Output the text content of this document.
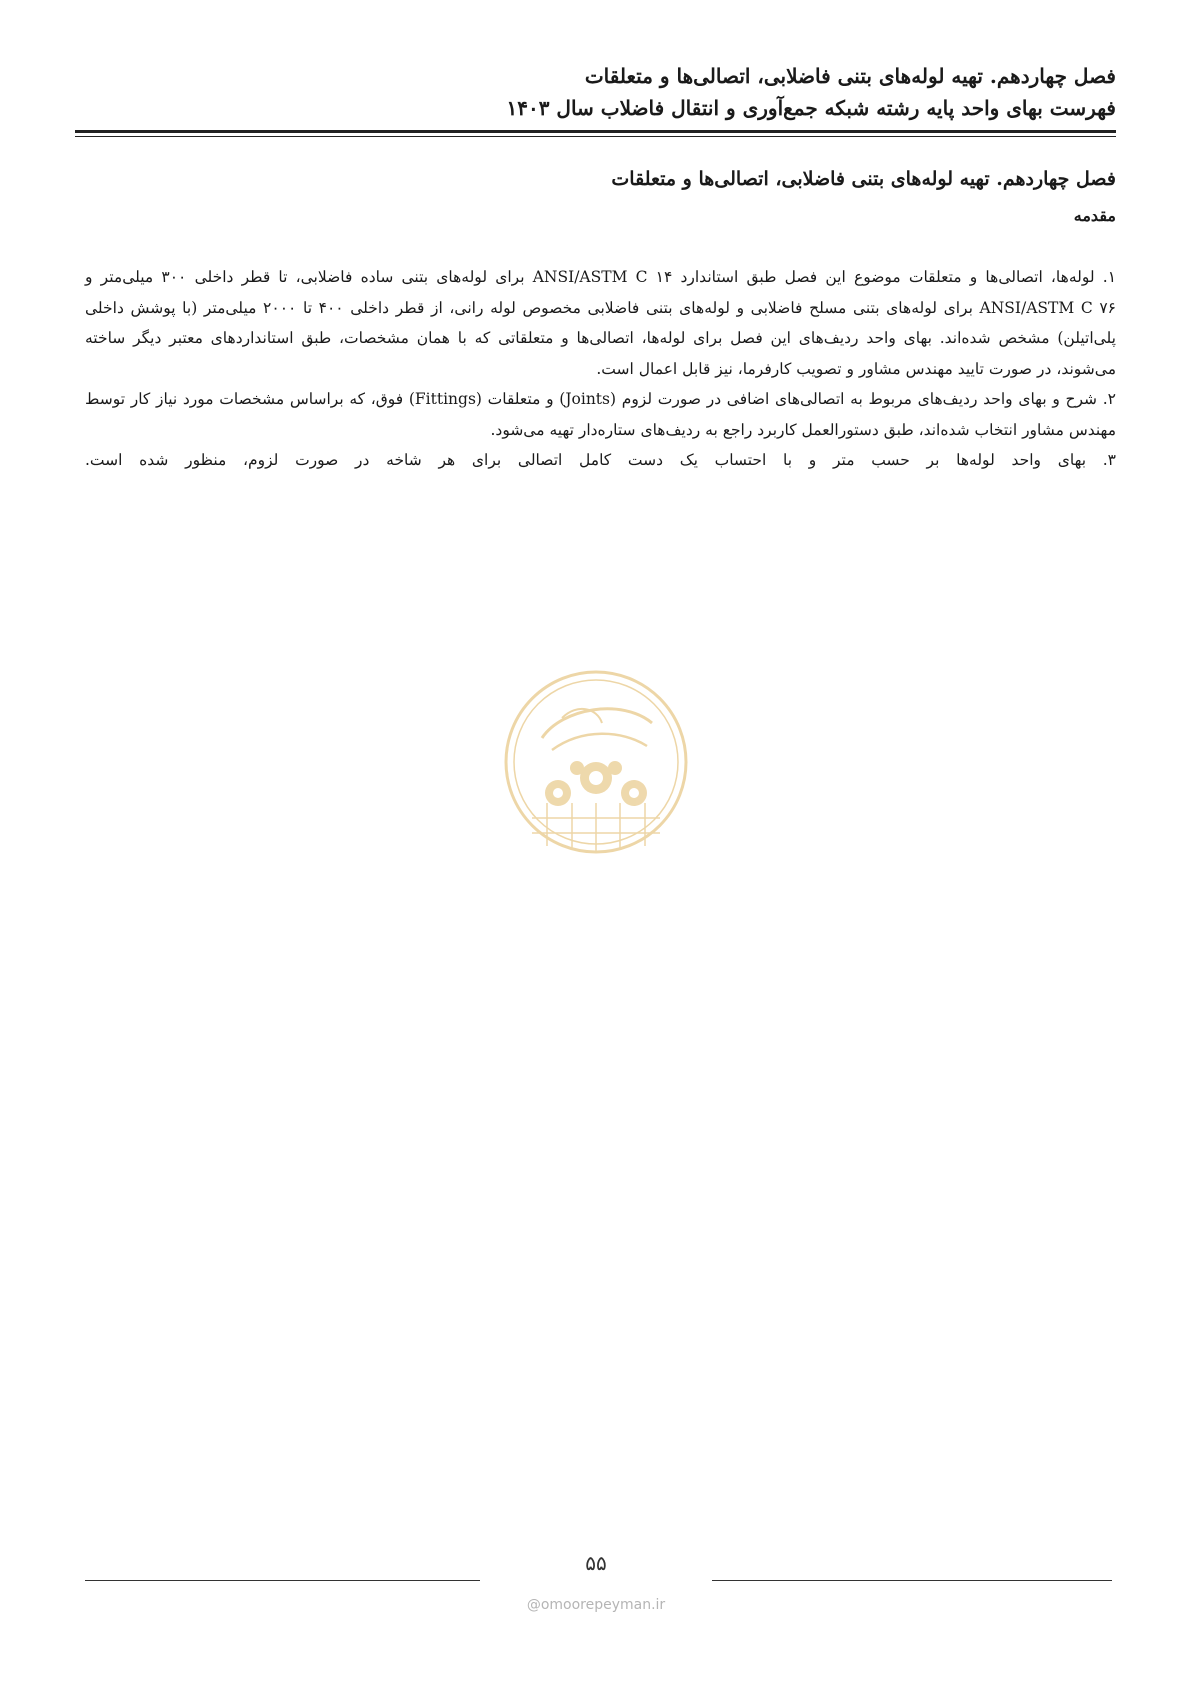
فصل چهاردهم. تهیه لوله‌های بتنی فاضلابی، اتصالی‌ها و متعلقات
فهرست بهای واحد پایه رشته شبکه جمع‌آوری و انتقال فاضلاب سال ۱۴۰۳
فصل چهاردهم. تهیه لوله‌های بتنی فاضلابی، اتصالی‌ها و متعلقات
مقدمه

۱. لوله‌ها، اتصالی‌ها و متعلقات موضوع این فصل طبق استاندارد ANSI/ASTM C ۱۴ برای لوله‌های بتنی ساده فاضلابی، تا قطر داخلی ۳۰۰ میلی‌متر و ANSI/ASTM C ۷۶ برای لوله‌های بتنی مسلح فاضلابی و لوله‌های بتنی فاضلابی مخصوص لوله رانی، از قطر داخلی ۴۰۰ تا ۲۰۰۰ میلی‌متر (با پوشش داخلی پلی‌اتیلن) مشخص شده‌اند. بهای واحد ردیف‌های این فصل برای لوله‌ها، اتصالی‌ها و متعلقاتی که با همان مشخصات، طبق استانداردهای معتبر دیگر ساخته می‌شوند، در صورت تایید مهندس مشاور و تصویب کارفرما، نیز قابل اعمال است.

۲. شرح و بهای واحد ردیف‌های مربوط به اتصالی‌های اضافی در صورت لزوم (Joints) و متعلقات (Fittings) فوق، که براساس مشخصات مورد نیاز کار توسط مهندس مشاور انتخاب شده‌اند، طبق دستورالعمل کاربرد راجع به ردیف‌های ستاره‌دار تهیه می‌شود.

۳. بهای واحد لوله‌ها بر حسب متر و با احتساب یک دست کامل اتصالی برای هر شاخه در صورت لزوم، منظور شده است.

۵۵
@omoorepeyman.ir
